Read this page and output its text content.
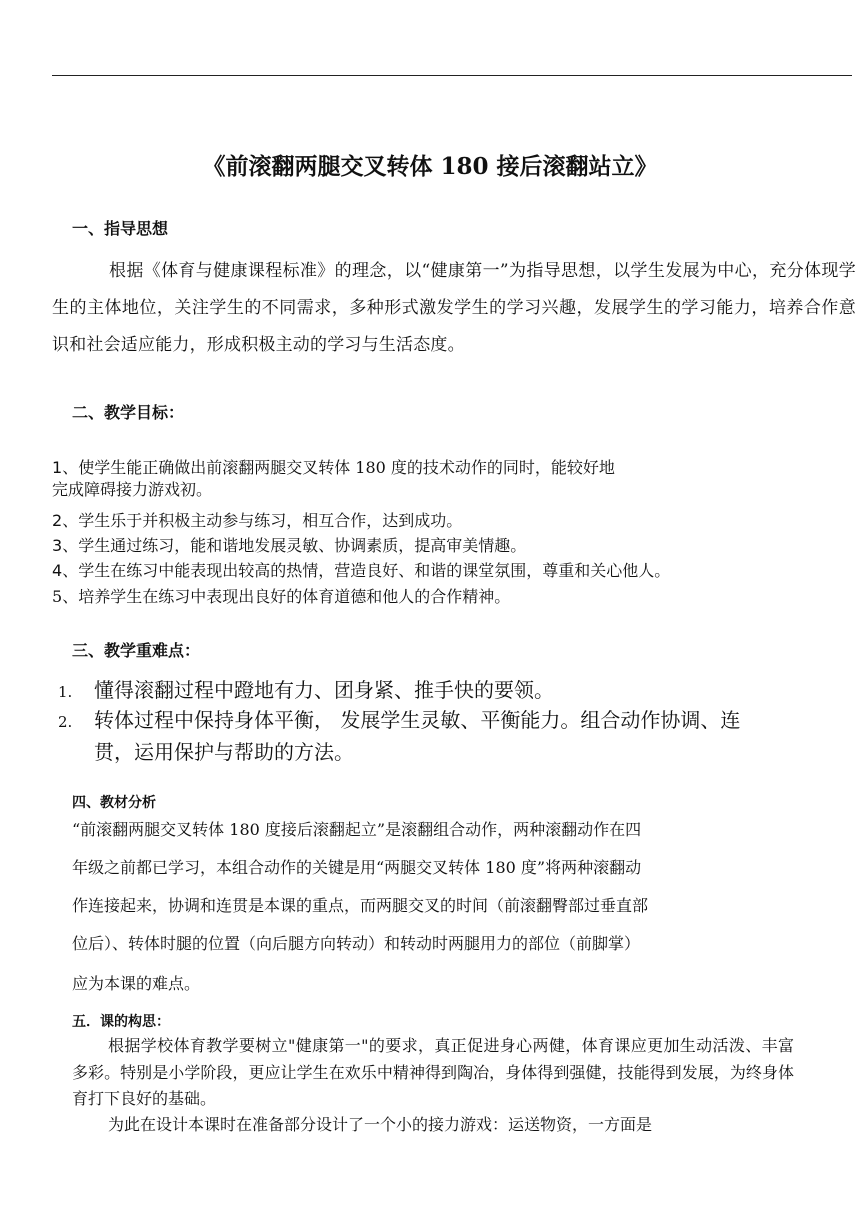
《前滚翻两腿交叉转体 180 接后滚翻站立》
一、指导思想
根据《体育与健康课程标准》的理念，以“健康第一”为指导思想，以学生发展为中心，充分体现学生的主体地位，关注学生的不同需求，多种形式激发学生的学习兴趣，发展学生的学习能力，培养合作意识和社会适应能力，形成积极主动的学习与生活态度。
二、教学目标：
1、使学生能正确做出前滚翻两腿交叉转体 180 度的技术动作的同时，能较好地
完成障碍接力游戏初。
2、学生乐于并积极主动参与练习，相互合作，达到成功。
3、学生通过练习，能和谐地发展灵敏、协调素质，提高审美情趣。
4、学生在练习中能表现出较高的热情，营造良好、和谐的课堂氛围，尊重和关心他人。
5、培养学生在练习中表现出良好的体育道德和他人的合作精神。
三、教学重难点：
1. 懂得滚翻过程中蹬地有力、团身紧、推手快的要领。
2. 转体过程中保持身体平衡， 发展学生灵敏、平衡能力。组合动作协调、连
贯，运用保护与帮助的方法。
四、教材分析
“前滚翻两腿交叉转体 180 度接后滚翻起立”是滚翻组合动作，两种滚翻动作在四
年级之前都已学习，本组合动作的关键是用“两腿交叉转体 180 度”将两种滚翻动
作连接起来，协调和连贯是本课的重点，而两腿交叉的时间（前滚翻臀部过垂直部
位后）、转体时腿的位置（向后腿方向转动）和转动时两腿用力的部位（前脚掌）
应为本课的难点。
五．课的构思：
根据学校体育教学要树立"健康第一"的要求，真正促进身心两健，体育课应更加生动活泼、丰富多彩。特别是小学阶段，更应让学生在欢乐中精神得到陶冶，身体得到强健，技能得到发展，为终身体育打下良好的基础。
为此在设计本课时在准备部分设计了一个小的接力游戏：运送物资，一方面是
